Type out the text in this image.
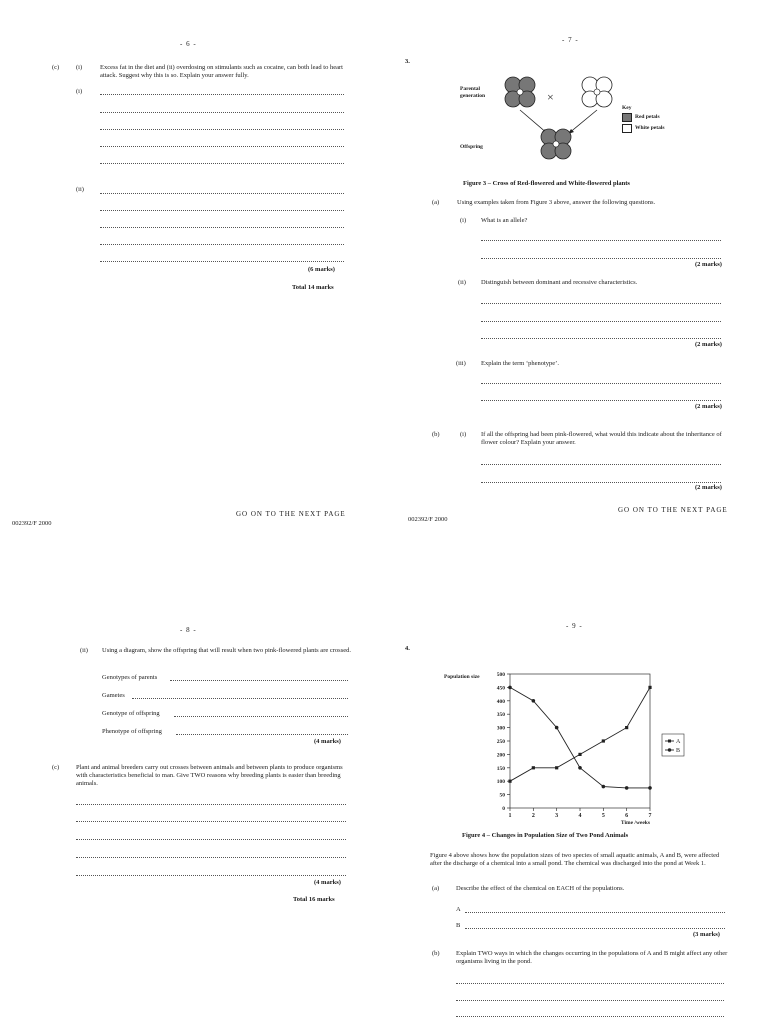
- 6 -
(c)	(i)	Excess fat in the diet and (ii) overdosing on stimulants such as cocaine, can both lead to heart attack. Suggest why this is so. Explain your answer fully.
(i)
(ii)
(6 marks)
Total 14 marks
GO ON TO THE NEXT PAGE
002392/F 2000
- 7 -
3.
Parental generation
Offspring
×
Key
Red petals
White petals
Figure 3 – Cross of Red-flowered and White-flowered plants
(a)	Using examples taken from Figure 3 above, answer the following questions.
(i) What is an allele?
(2 marks)
(ii) Distinguish between dominant and recessive characteristics.
(2 marks)
(iii) Explain the term ‘phenotype’.
(2 marks)
(b)	(i) If all the offspring had been pink-flowered, what would this indicate about the inheritance of flower colour? Explain your answer.
(2 marks)
GO ON TO THE NEXT PAGE
002392/F 2000
- 8 -
(ii) Using a diagram, show the offspring that will result when two pink-flowered plants are crossed.
Genotypes of parents
Gametes
Genotype of offspring
Phenotype of offspring
(4 marks)
(c)	Plant and animal breeders carry out crosses between animals and between plants to produce organisms with characteristics beneficial to man. Give TWO reasons why breeding plants is easier than breeding animals.
(4 marks)
Total 16 marks
- 9 -
4.
0
50
100
150
200
250
300
350
400
450
500
1	2	3	4	5	6	7
Population size
Time /weeks
A
B
Figure 4 – Changes in Population Size of Two Pond Animals
Figure 4 above shows how the population sizes of two species of small aquatic animals, A and B, were affected after the discharge of a chemical into a small pond. The chemical was discharged into the pond at Week 1.
(a)	Describe the effect of the chemical on EACH of the populations.
A
B
(3 marks)
(b)	Explain TWO ways in which the changes occurring in the populations of A and B might affect any other organisms living in the pond.
